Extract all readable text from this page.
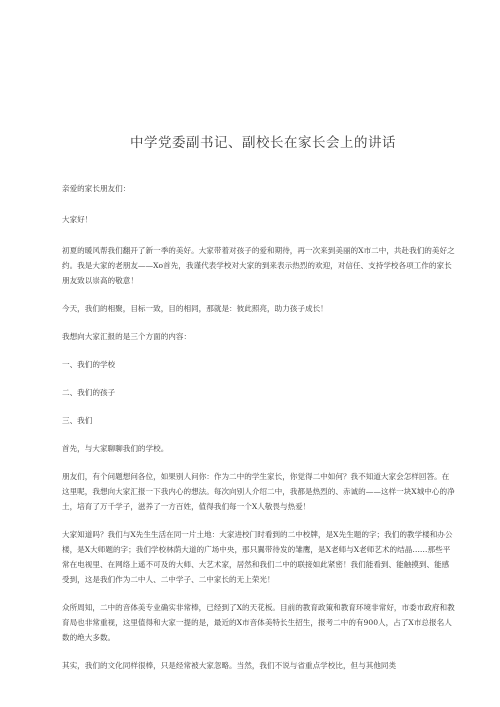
中学党委副书记、副校长在家长会上的讲话

亲爱的家长朋友们：

大家好！

初夏的暖风帮我们翻开了新一季的美好。大家带着对孩子的爱和期待，再一次来到美丽的X市二中，共赴我们的美好之约。我是大家的老朋友——Xo首先，我谨代表学校对大家的到来表示热烈的欢迎，对信任、支持学校各项工作的家长朋友致以崇高的敬意！

今天，我们的相聚，目标一致，目的相同，那就是：彼此照亮，助力孩子成长！

我想向大家汇报的是三个方面的内容：

一、我们的学校

二、我们的孩子

三、我们

首先，与大家聊聊我们的学校。

朋友们，有个问题想问各位，如果别人问你：作为二中的学生家长，你觉得二中如何？我不知道大家会怎样回答。在这里呢，我想向大家汇报一下我内心的想法。每次向别人介绍二中，我都是热烈的、赤诚的——这样一块X城中心的净土，培育了万千学子，滋养了一方百姓，值得我们每一个X人敬畏与热爱！

大家知道吗？我们与X先生生活在同一片土地：大家进校门时看到的二中校牌，是X先生题的字；我们的教学楼和办公楼，是X大师题的字；我们学校林荫大道的广场中央，那只翼带待发的雏鹰，是X老师与X老师艺术的结晶……那些平常在电视里、在网络上遥不可及的大师、大艺术家，居然和我们二中的联接如此紧密！我们能看到、能触摸到、能感受到，这是我们作为二中人、二中学子、二中家长的无上荣光！

众所周知，二中的音体美专业确实非常棒，已经到了X的天花板。目前的教育政策和教育环境非常好，市委市政府和教育局也非常重视，这里值得和大家一提的是，最近的X市音体美特长生招生，报考二中的有900人，占了X市总报名人数的绝大多数。

其实，我们的文化同样很棒，只是经常被大家忽略。当然，我们不说与省重点学校比，但与其他同类
